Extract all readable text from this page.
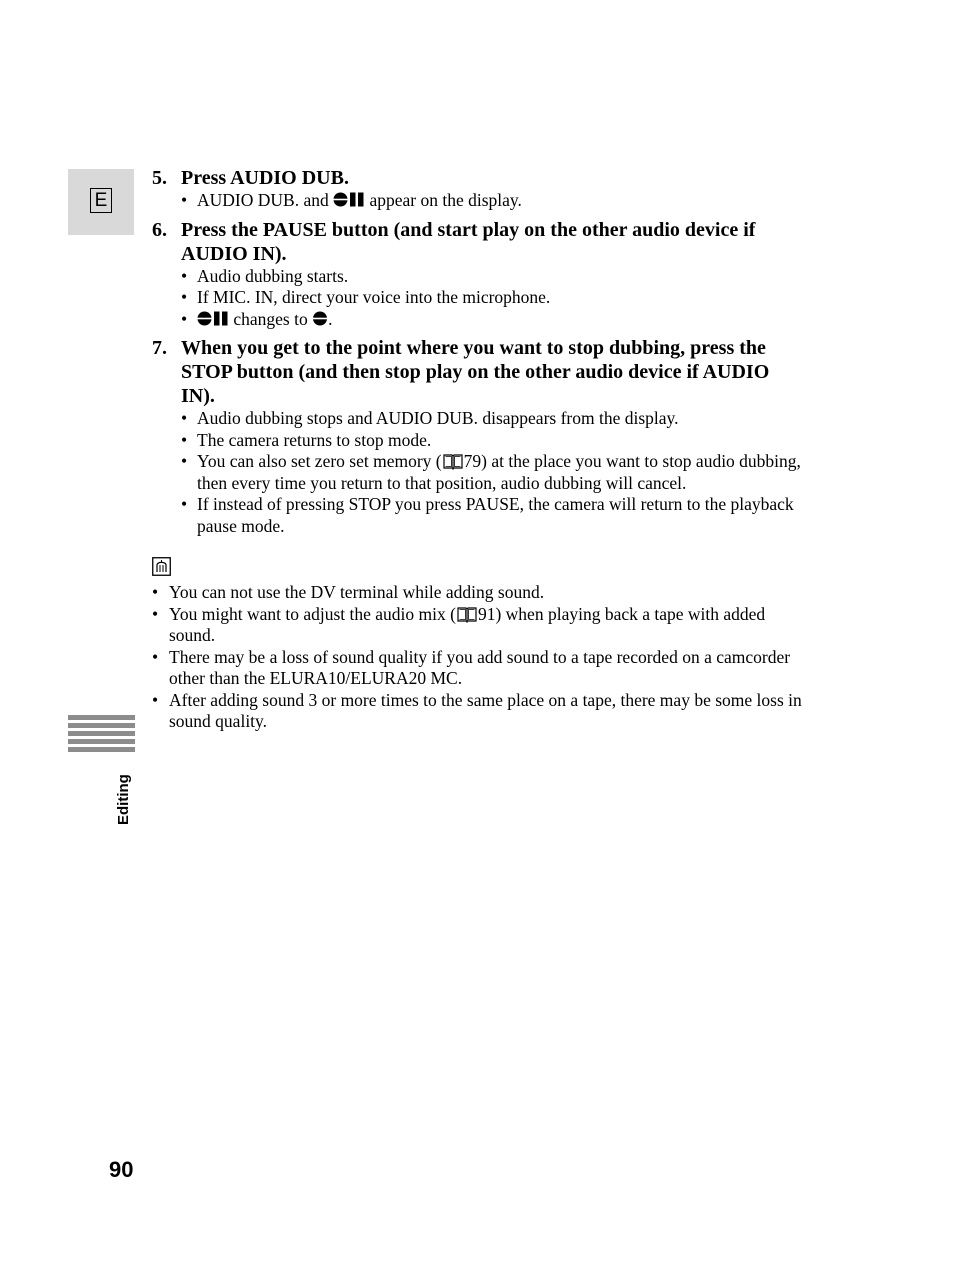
E
Editing
90
5. Press AUDIO DUB.
• AUDIO DUB. and appear on the display.
6. Press the PAUSE button (and start play on the other audio device if AUDIO IN).
• Audio dubbing starts.
• If MIC. IN, direct your voice into the microphone.
• changes to .
7. When you get to the point where you want to stop dubbing, press the STOP button (and then stop play on the other audio device if AUDIO IN).
• Audio dubbing stops and AUDIO DUB. disappears from the display.
• The camera returns to stop mode.
• You can also set zero set memory ( 79) at the place you want to stop audio dubbing, then every time you return to that position, audio dubbing will cancel.
• If instead of pressing STOP you press PAUSE, the camera will return to the playback pause mode.
• You can not use the DV terminal while adding sound.
• You might want to adjust the audio mix ( 91) when playing back a tape with added sound.
• There may be a loss of sound quality if you add sound to a tape recorded on a camcorder other than the ELURA10/ELURA20 MC.
• After adding sound 3 or more times to the same place on a tape, there may be some loss in sound quality.
